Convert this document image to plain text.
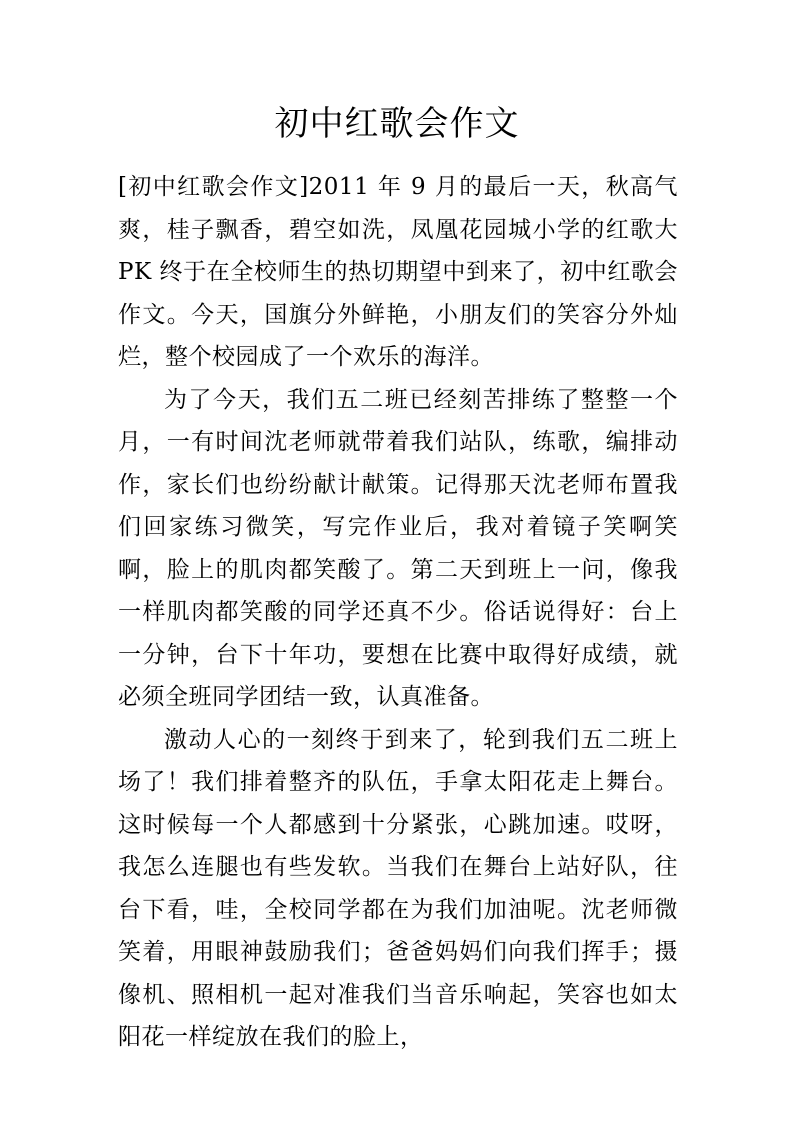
初中红歌会作文

[初中红歌会作文]2011 年 9 月的最后一天，秋高气爽，桂子飘香，碧空如洗，凤凰花园城小学的红歌大 PK 终于在全校师生的热切期望中到来了，初中红歌会作文。今天，国旗分外鲜艳，小朋友们的笑容分外灿烂，整个校园成了一个欢乐的海洋。

为了今天，我们五二班已经刻苦排练了整整一个月，一有时间沈老师就带着我们站队，练歌，编排动作，家长们也纷纷献计献策。记得那天沈老师布置我们回家练习微笑，写完作业后，我对着镜子笑啊笑啊，脸上的肌肉都笑酸了。第二天到班上一问，像我一样肌肉都笑酸的同学还真不少。俗话说得好：台上一分钟，台下十年功，要想在比赛中取得好成绩，就必须全班同学团结一致，认真准备。

激动人心的一刻终于到来了，轮到我们五二班上场了！我们排着整齐的队伍，手拿太阳花走上舞台。这时候每一个人都感到十分紧张，心跳加速。哎呀，我怎么连腿也有些发软。当我们在舞台上站好队，往台下看，哇，全校同学都在为我们加油呢。沈老师微笑着，用眼神鼓励我们；爸爸妈妈们向我们挥手；摄像机、照相机一起对准我们当音乐响起，笑容也如太阳花一样绽放在我们的脸上，
